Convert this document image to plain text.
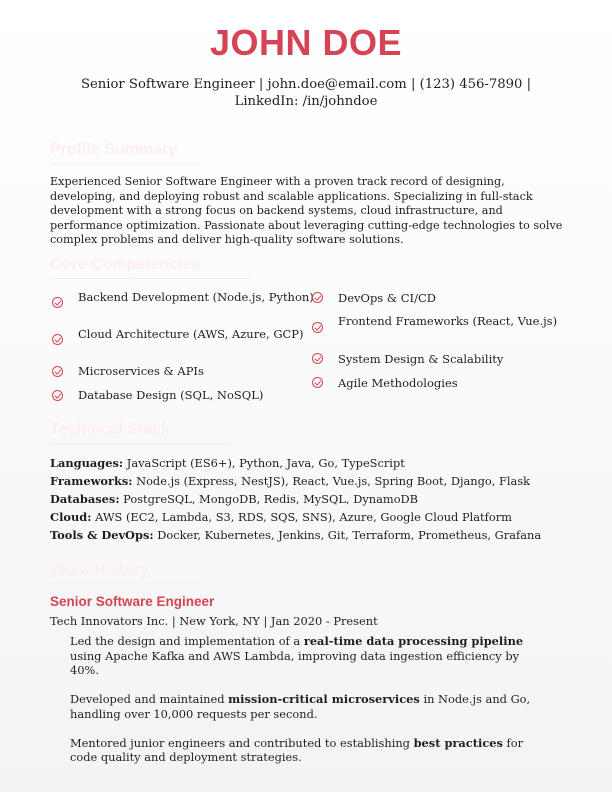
JOHN DOE
Senior Software Engineer | john.doe@email.com | (123) 456-7890 | LinkedIn: /in/johndoe
Profile Summary
Experienced Senior Software Engineer with a proven track record of designing, developing, and deploying robust and scalable applications. Specializing in full-stack development with a strong focus on backend systems, cloud infrastructure, and performance optimization. Passionate about leveraging cutting-edge technologies to solve complex problems and deliver high-quality software solutions.
Core Competencies
Backend Development (Node.js, Python)
Cloud Architecture (AWS, Azure, GCP)
Microservices & APIs
Database Design (SQL, NoSQL)
DevOps & CI/CD
Frontend Frameworks (React, Vue.js)
System Design & Scalability
Agile Methodologies
Technical Stack
Languages: JavaScript (ES6+), Python, Java, Go, TypeScript
Frameworks: Node.js (Express, NestJS), React, Vue.js, Spring Boot, Django, Flask
Databases: PostgreSQL, MongoDB, Redis, MySQL, DynamoDB
Cloud: AWS (EC2, Lambda, S3, RDS, SQS, SNS), Azure, Google Cloud Platform
Tools & DevOps: Docker, Kubernetes, Jenkins, Git, Terraform, Prometheus, Grafana
Work History
Senior Software Engineer
Tech Innovators Inc. | New York, NY | Jan 2020 - Present
Led the design and implementation of a real-time data processing pipeline using Apache Kafka and AWS Lambda, improving data ingestion efficiency by 40%.
Developed and maintained mission-critical microservices in Node.js and Go, handling over 10,000 requests per second.
Mentored junior engineers and contributed to establishing best practices for code quality and deployment strategies.
